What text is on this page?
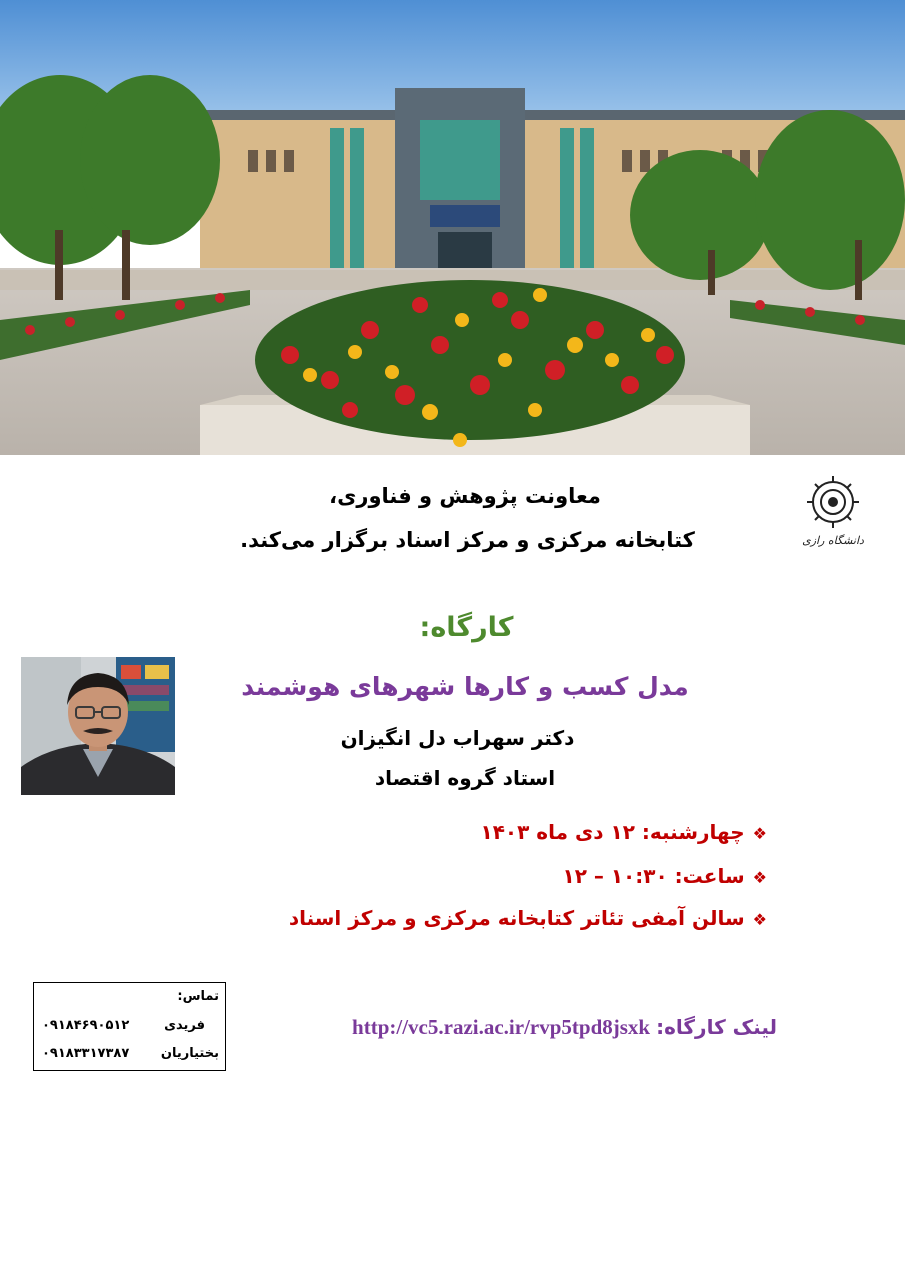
دانشگاه رازی
معاونت پژوهش و فناوری،
کتابخانه مرکزی و مرکز اسناد برگزار می‌کند.
کارگاه:
مدل کسب و کارها شهرهای هوشمند
دکتر سهراب دل انگیزان
استاد گروه اقتصاد
❖چهارشنبه: ۱۲ دی ماه ۱۴۰۳
❖ساعت: ۱۰:۳۰ – ۱۲
❖سالن آمفی تئاتر کتابخانه مرکزی و مرکز اسناد
لینک کارگاه:http://vc5.razi.ac.ir/rvp5tpd8jsxk
تماس:
فریدی
۰۹۱۸۴۶۹۰۵۱۲
بختیاریان
۰۹۱۸۳۳۱۷۳۸۷
